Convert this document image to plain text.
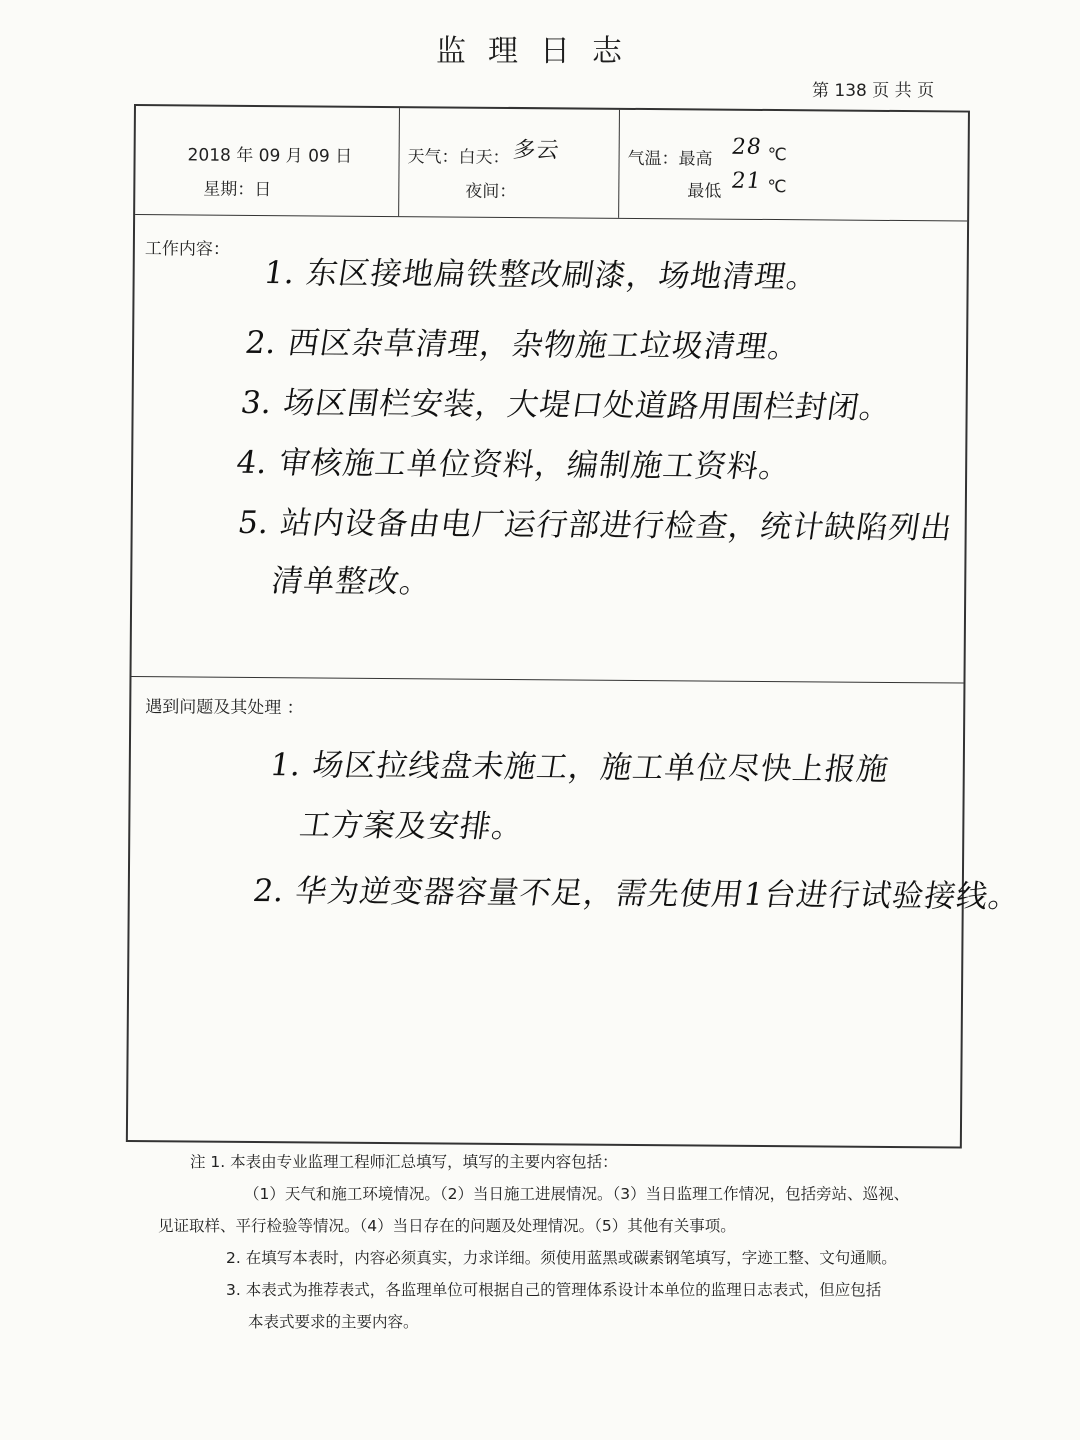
监理日志
第 138 页 共 页
2018 年 09 月 09 日
星期：日
天气：白天： 多云
夜间：
气温：最高 28 ℃
最低 21 ℃
工作内容：
1. 东区接地扁铁整改刷漆，场地清理。
2. 西区杂草清理，杂物施工垃圾清理。
3. 场区围栏安装，大堤口处道路用围栏封闭。
4. 审核施工单位资料，编制施工资料。
5. 站内设备由电厂运行部进行检查，统计缺陷列出
清单整改。
遇到问题及其处理 ：
1. 场区拉线盘未施工，施工单位尽快上报施
工方案及安排。
2. 华为逆变器容量不足，需先使用1台进行试验接线。
注 1. 本表由专业监理工程师汇总填写，填写的主要内容包括：
（1）天气和施工环境情况。（2）当日施工进展情况。（3）当日监理工作情况，包括旁站、巡视、
见证取样、平行检验等情况。（4）当日存在的问题及处理情况。（5）其他有关事项。
2. 在填写本表时，内容必须真实，力求详细。须使用蓝黑或碳素钢笔填写，字迹工整、文句通顺。
3. 本表式为推荐表式，各监理单位可根据自己的管理体系设计本单位的监理日志表式，但应包括
本表式要求的主要内容。
